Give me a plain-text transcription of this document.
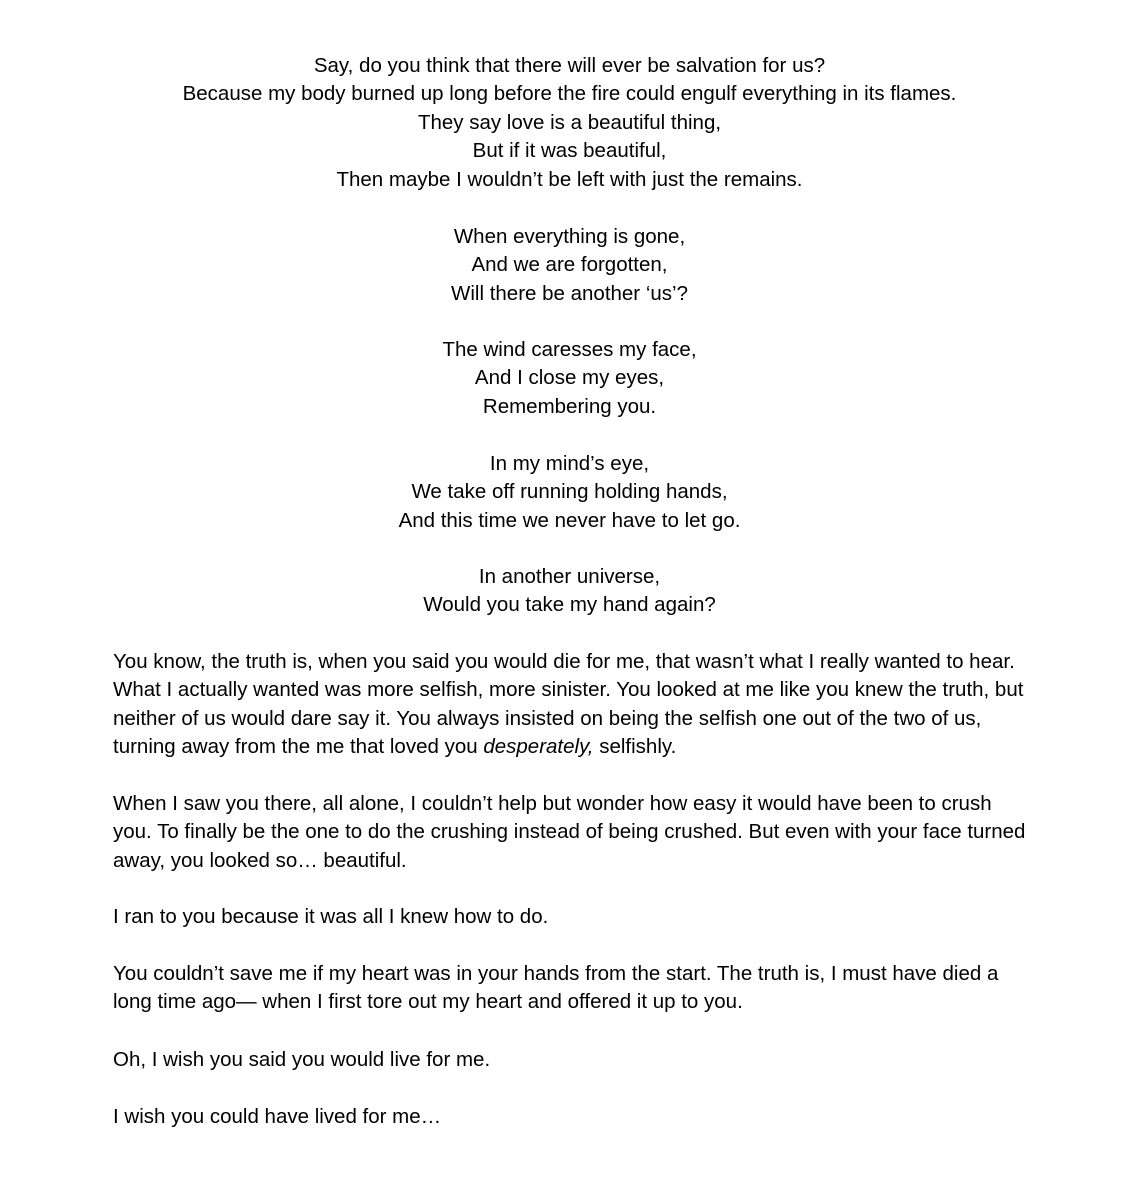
Say, do you think that there will ever be salvation for us?
Because my body burned up long before the fire could engulf everything in its flames.
They say love is a beautiful thing,
But if it was beautiful,
Then maybe I wouldn’t be left with just the remains.
When everything is gone,
And we are forgotten,
Will there be another ‘us’?
The wind caresses my face,
And I close my eyes,
Remembering you.
In my mind’s eye,
We take off running holding hands,
And this time we never have to let go.
In another universe,
Would you take my hand again?

You know, the truth is, when you said you would die for me, that wasn’t what I really wanted to hear. What I actually wanted was more selfish, more sinister. You looked at me like you knew the truth, but neither of us would dare say it. You always insisted on being the selfish one out of the two of us, turning away from the me that loved you desperately, selfishly.

When I saw you there, all alone, I couldn’t help but wonder how easy it would have been to crush you. To finally be the one to do the crushing instead of being crushed. But even with your face turned away, you looked so… beautiful.

I ran to you because it was all I knew how to do.

You couldn’t save me if my heart was in your hands from the start. The truth is, I must have died a long time ago— when I first tore out my heart and offered it up to you.

Oh, I wish you said you would live for me.

I wish you could have lived for me…
